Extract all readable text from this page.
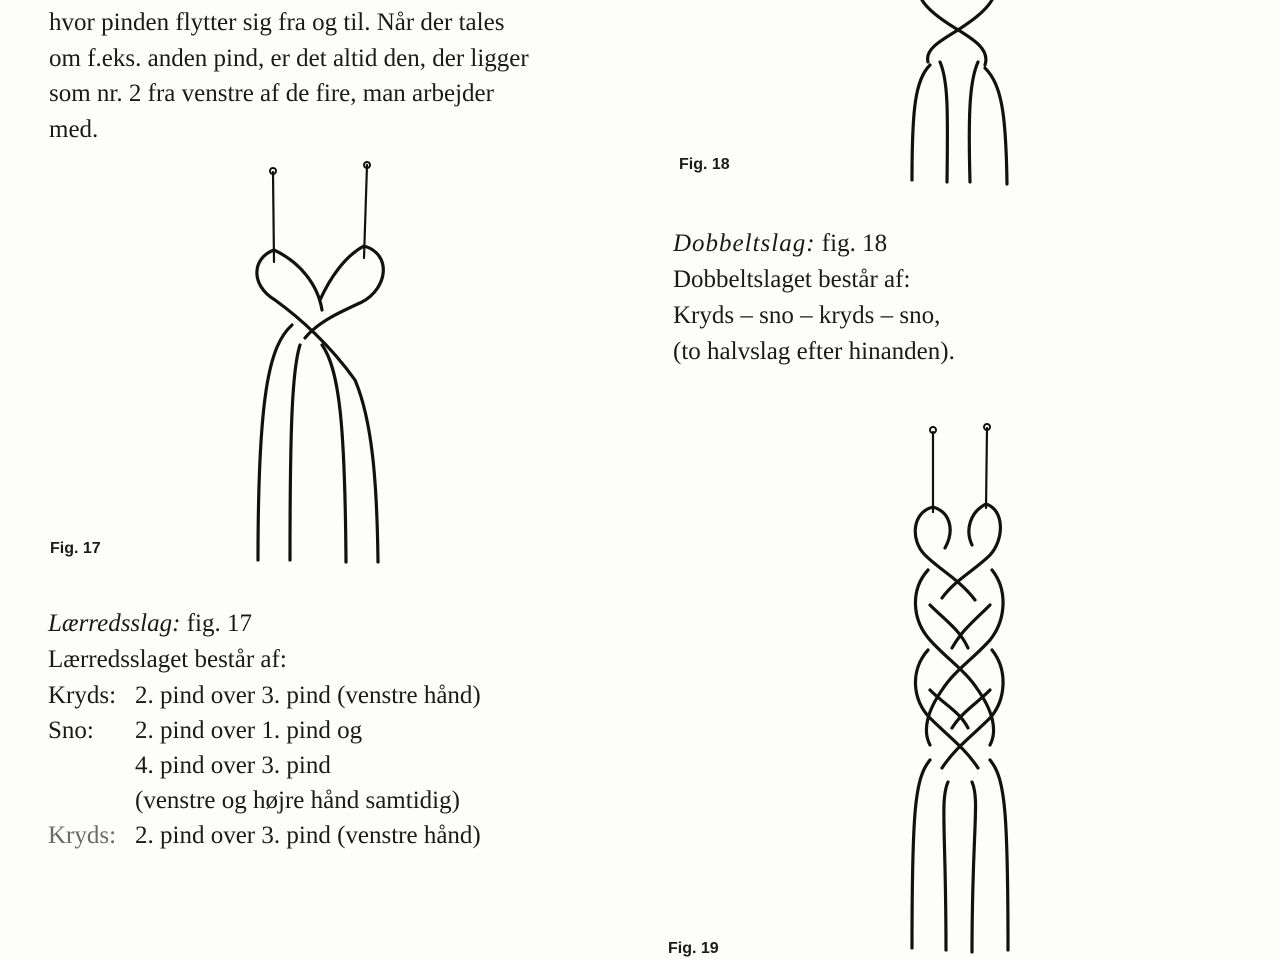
hvor pinden flytter sig fra og til. Når der tales
om f.eks. anden pind, er det altid den, der ligger
som nr. 2 fra venstre af de fire, man arbejder
med.
Fig. 17
Lærredsslag: fig. 17
Lærredsslaget består af:
Kryds: 2. pind over 3. pind (venstre hånd)
Sno: 2. pind over 1. pind og
4. pind over 3. pind
(venstre og højre hånd samtidig)
Kryds: 2. pind over 3. pind (venstre hånd)
Fig. 18
Dobbeltslag: fig. 18
Dobbeltslaget består af:
Kryds – sno – kryds – sno,
(to halvslag efter hinanden).
Fig. 19
